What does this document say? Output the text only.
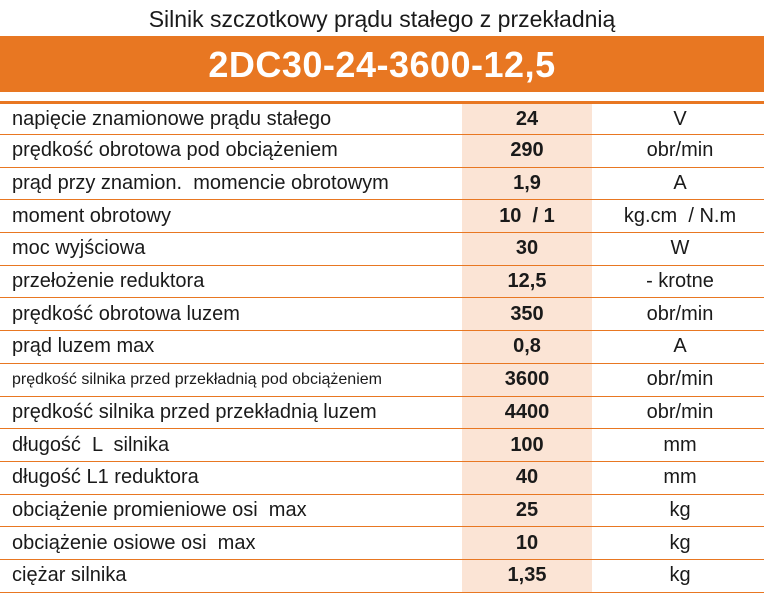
Silnik szczotkowy prądu stałego z przekładnią
2DC30-24-3600-12,5
napięcie znamionowe prądu stałego	24	V
prędkość obrotowa pod obciążeniem	290	obr/min
prąd przy znamion.  momencie obrotowym	1,9	A
moment obrotowy	10  / 1	kg.cm  / N.m
moc wyjściowa	30	W
przełożenie reduktora	12,5	- krotne
prędkość obrotowa luzem	350	obr/min
prąd luzem max	0,8	A
prędkość silnika przed przekładnią pod obciążeniem	3600	obr/min
prędkość silnika przed przekładnią luzem	4400	obr/min
długość  L  silnika	100	mm
długość L1 reduktora	40	mm
obciążenie promieniowe osi  max	25	kg
obciążenie osiowe osi  max	10	kg
ciężar silnika	1,35	kg
